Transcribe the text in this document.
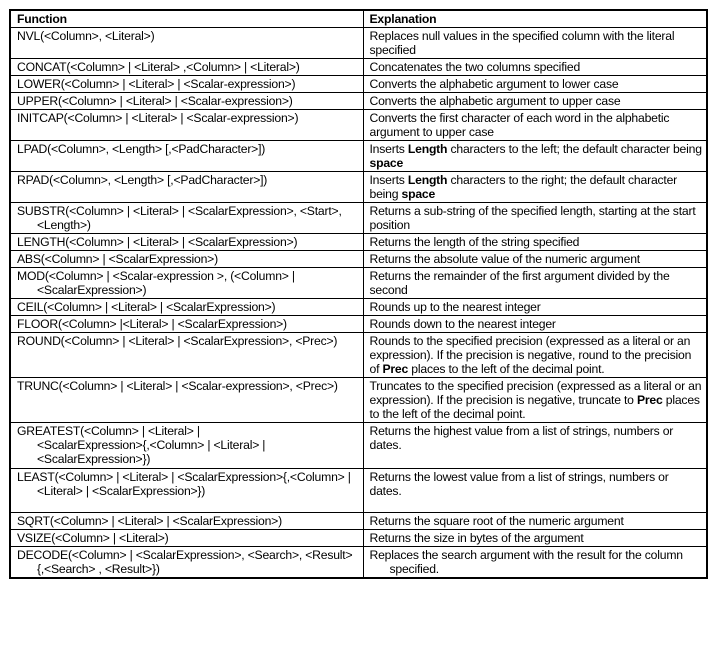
Function	Explanation

NVL(<Column>, <Literal>)	Replaces null values in the specified column with the literal specified

CONCAT(<Column> | <Literal> ,<Column> | <Literal>)	Concatenates the two columns specified

LOWER(<Column> | <Literal> | <Scalar-expression>)	Converts the alphabetic argument to lower case

UPPER(<Column> | <Literal> | <Scalar-expression>)	Converts the alphabetic argument to upper case

INITCAP(<Column> | <Literal> | <Scalar-expression>)	Converts the first character of each word in the alphabetic argument to upper case

LPAD(<Column>, <Length> [,<PadCharacter>])	Inserts Length characters to the left; the default character being space

RPAD(<Column>, <Length> [,<PadCharacter>])	Inserts Length characters to the right; the default character being space

SUBSTR(<Column> | <Literal> | <ScalarExpression>, <Start>,
<Length>)	Returns a sub-string of the specified length, starting at the start position

LENGTH(<Column> | <Literal> | <ScalarExpression>)	Returns the length of the string specified

ABS(<Column> | <ScalarExpression>)	Returns the absolute value of the numeric argument

MOD(<Column> | <Scalar-expression >, (<Column> |
<ScalarExpression>)	Returns the remainder of the first argument divided by the second

CEIL(<Column> | <Literal> | <ScalarExpression>)	Rounds up to the nearest integer

FLOOR(<Column> |<Literal> | <ScalarExpression>)	Rounds down to the nearest integer

ROUND(<Column> | <Literal> | <ScalarExpression>, <Prec>)	Rounds to the specified precision (expressed as a literal or an expression). If the precision is negative, round to the precision of Prec places to the left of the decimal point.

TRUNC(<Column> | <Literal> | <Scalar-expression>, <Prec>)	Truncates to the specified precision (expressed as a literal or an expression). If the precision is negative, truncate to Prec places to the left of the decimal point.

GREATEST(<Column> | <Literal> |
<ScalarExpression>{,<Column> | <Literal> |
<ScalarExpression>})	Returns the highest value from a list of strings, numbers or dates.

LEAST(<Column> | <Literal> | <ScalarExpression>{,<Column> |
<Literal> | <ScalarExpression>})	Returns the lowest value from a list of strings, numbers or dates.

SQRT(<Column> | <Literal> | <ScalarExpression>)	Returns the square root of the numeric argument

VSIZE(<Column> | <Literal>)	Returns the size in bytes of the argument

DECODE(<Column> | <ScalarExpression>, <Search>, <Result>
{,<Search> , <Result>})	Replaces the search argument with the result for the column
specified.
